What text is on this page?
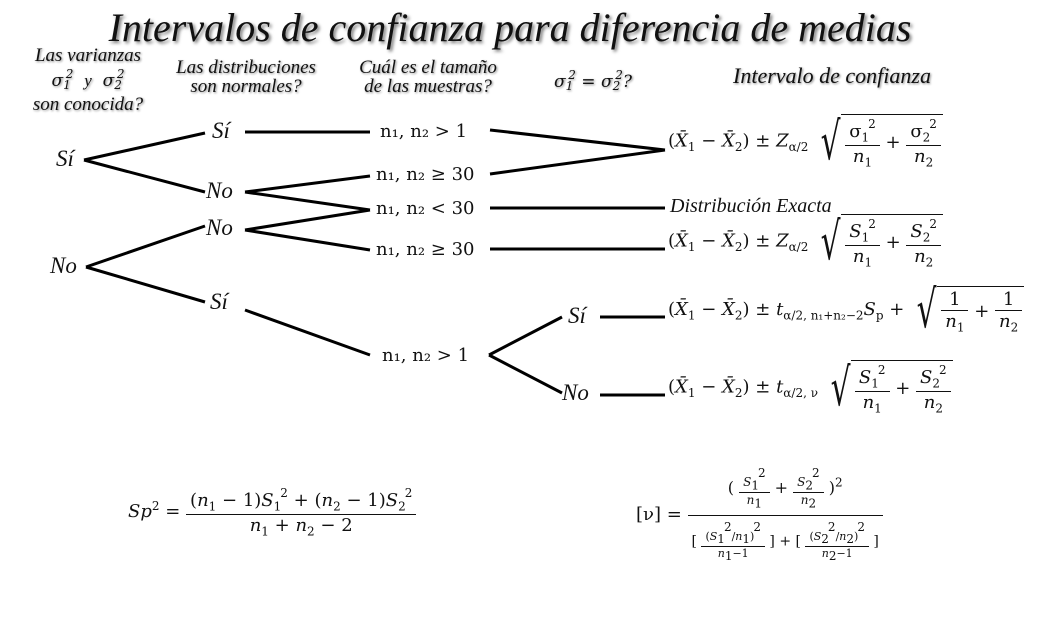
Intervalos de confianza para diferencia de medias
Las varianzas
$\sigma_1^2$ y  $\sigma_2^2$
son conocida?
Las distribuciones
son normales?
Cuál es el tamaño
de las muestras?	$\sigma_1^2 = \sigma_2^2$?	Intervalo de confianza
Sí
No
Sí
No
No
Sí
Sí
No
n₁, n₂ > 1
n₁, n₂ ≥ 30
n₁, n₂ < 30
n₁, n₂ ≥ 30
n₁, n₂ > 1
($X̄_1$ − $X̄_2) \pm Z_{\alpha/2}$ √ $\frac{\sigma_1^2}{n_1} + \frac{\sigma_2^2}{n_2}$
Distribución Exacta
($X̄_1$ − $X̄_2) \pm Z_{\alpha/2}$ √ $\frac{S_1^2}{n_1} + \frac{S_2^2}{n_2}$
($X̄_1$ − $X̄_2) \pm t_{\alpha/2, n_1+n_2-2}S_p$ + √ $\frac{1}{n_1} + \frac{1}{n_2}$
($X̄_1$ − $X̄_2) \pm t_{\alpha/2, \nu}$ √ $\frac{S_1^2}{n_1} + \frac{S_2^2}{n_2}$
$Sp^2 = \frac{(n_1 - 1)S_1^2 + (n_2 - 1)S_2^2}{n_1 + n_2 - 2}$	$[\nu] = \frac{( \frac{S12}{n1} + \frac{S22}{n2} )^2}{[ \frac{(S12/n1)2}{n1-1} ] + [ \frac{(S22/n2)2}{n2-1} ]}$
